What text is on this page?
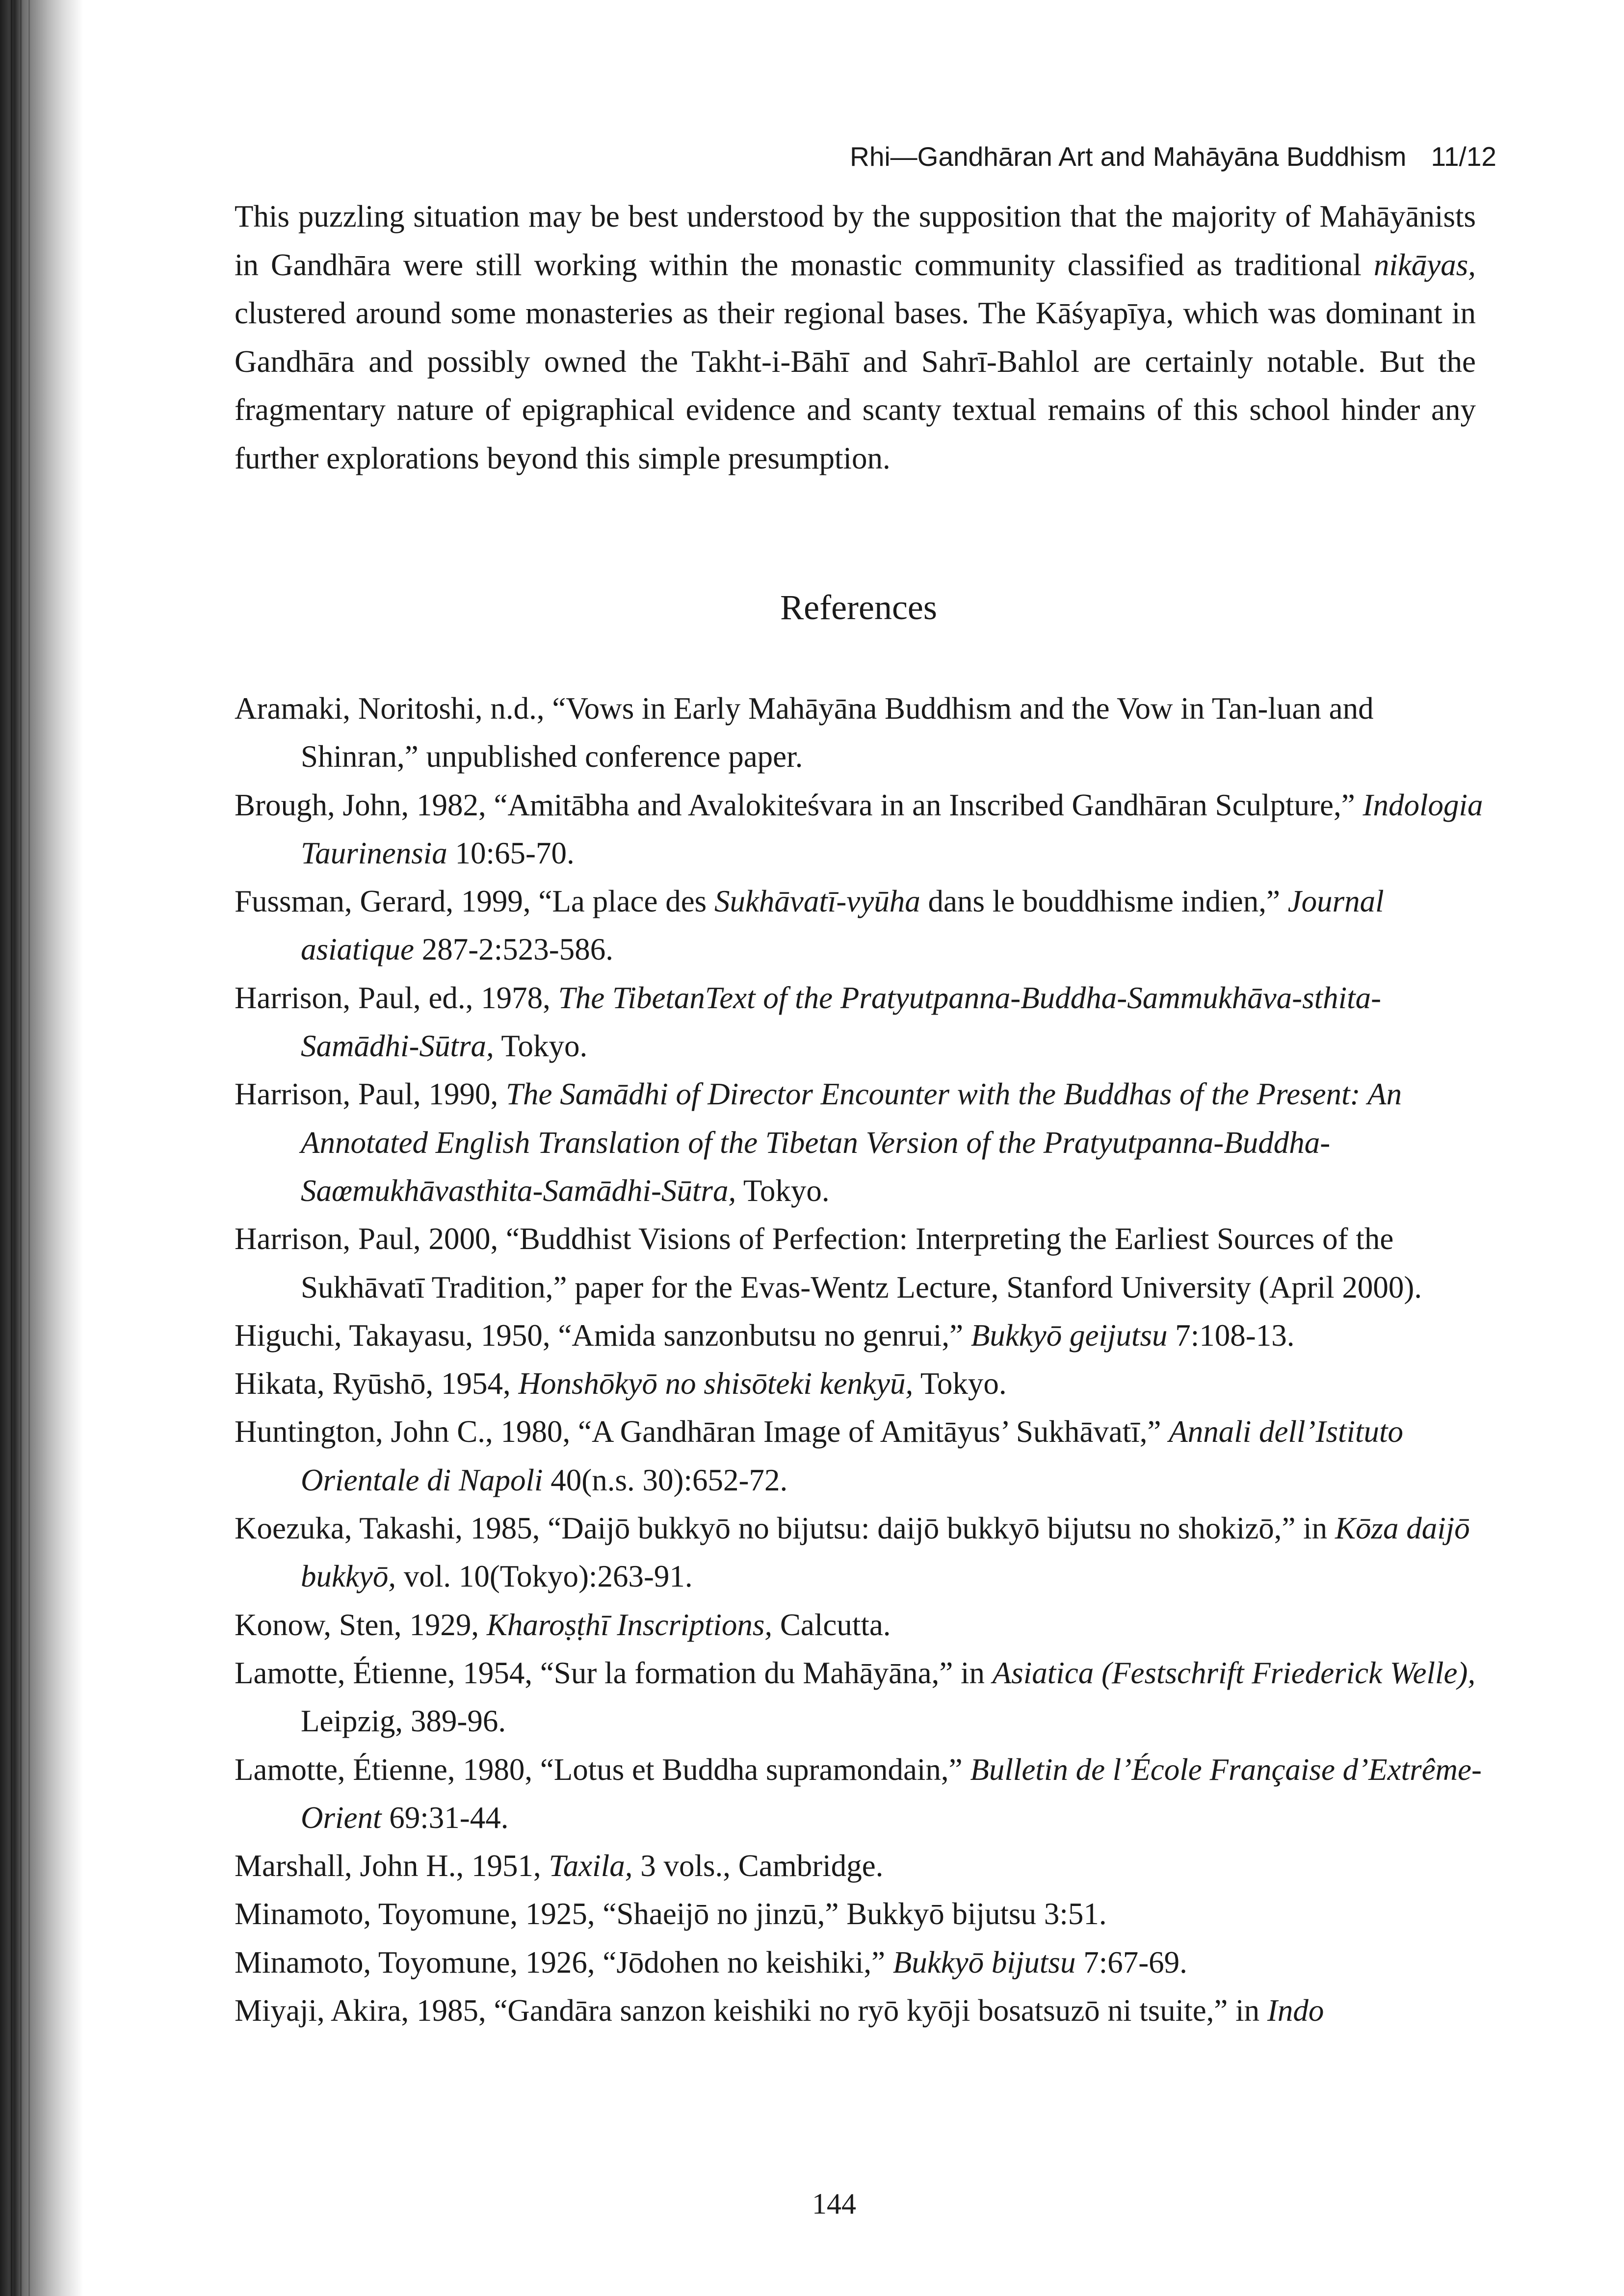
Rhi—Gandhāran Art and Mahāyāna Buddhism 11/12

This puzzling situation may be best understood by the supposition that the majority of Mahāyānists in Gandhāra were still working within the monastic community classified as traditional nikāyas, clustered around some monasteries as their regional bases. The Kāśyapīya, which was dominant in Gandhāra and possibly owned the Takht-i-Bāhī and Sahrī-Bahlol are certainly notable. But the fragmentary nature of epigraphical evidence and scanty textual remains of this school hinder any further explorations beyond this simple presumption.

References
Aramaki, Noritoshi, n.d., “Vows in Early Mahāyāna Buddhism and the Vow in Tan-luan and Shinran,” unpublished conference paper.
Brough, John, 1982, “Amitābha and Avalokiteśvara in an Inscribed Gandhāran Sculpture,” Indologia Taurinensia 10:65-70.
Fussman, Gerard, 1999, “La place des Sukhāvatī-vyūha dans le bouddhisme indien,” Journal asiatique 287-2:523-586.
Harrison, Paul, ed., 1978, The TibetanText of the Pratyutpanna-Buddha-Sammukhāva-sthita-Samādhi-Sūtra, Tokyo.
Harrison, Paul, 1990, The Samādhi of Director Encounter with the Buddhas of the Present: An Annotated English Translation of the Tibetan Version of the Pratyutpanna-Buddha-Saœmukhāvasthita-Samādhi-Sūtra, Tokyo.
Harrison, Paul, 2000, “Buddhist Visions of Perfection: Interpreting the Earliest Sources of the Sukhāvatī Tradition,” paper for the Evas-Wentz Lecture, Stanford University (April 2000).
Higuchi, Takayasu, 1950, “Amida sanzonbutsu no genrui,” Bukkyō geijutsu 7:108-13.
Hikata, Ryūshō, 1954, Honshōkyō no shisōteki kenkyū, Tokyo.
Huntington, John C., 1980, “A Gandhāran Image of Amitāyus’ Sukhāvatī,” Annali dell’Istituto Orientale di Napoli 40(n.s. 30):652-72.
Koezuka, Takashi, 1985, “Daijō bukkyō no bijutsu: daijō bukkyō bijutsu no shokizō,” in Kōza daijō bukkyō, vol. 10(Tokyo):263-91.
Konow, Sten, 1929, Kharoṣṭhī Inscriptions, Calcutta.
Lamotte, Étienne, 1954, “Sur la formation du Mahāyāna,” in Asiatica (Festschrift Friederick Welle), Leipzig, 389-96.
Lamotte, Étienne, 1980, “Lotus et Buddha supramondain,” Bulletin de l’École Française d’Extrême-Orient 69:31-44.
Marshall, John H., 1951, Taxila, 3 vols., Cambridge.
Minamoto, Toyomune, 1925, “Shaeijō no jinzū,” Bukkyō bijutsu 3:51.
Minamoto, Toyomune, 1926, “Jōdohen no keishiki,” Bukkyō bijutsu 7:67-69.
Miyaji, Akira, 1985, “Gandāra sanzon keishiki no ryō kyōji bosatsuzō ni tsuite,” in Indo
144
